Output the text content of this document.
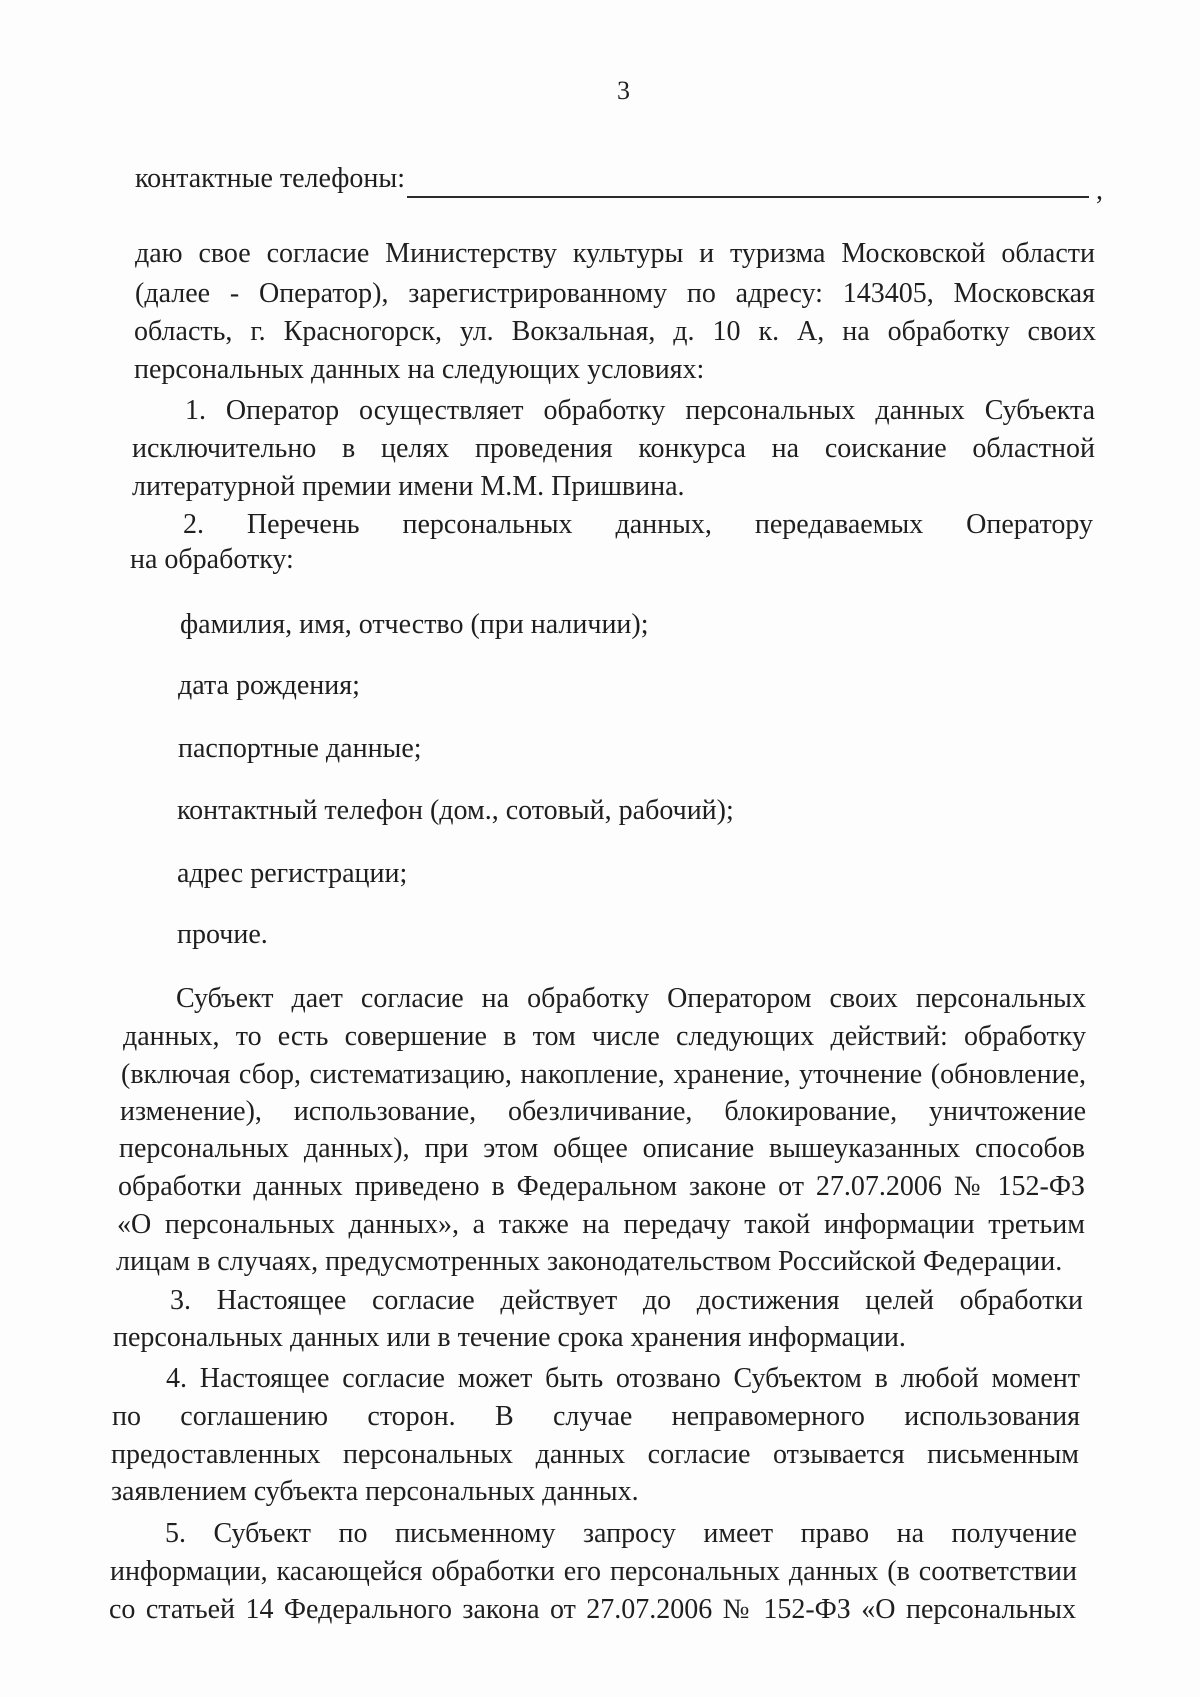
3
контактные телефоны:	,
даю свое согласие Министерству культуры и туризма Московской области
(далее - Оператор), зарегистрированному по адресу: 143405, Московская
область, г. Красногорск, ул. Вокзальная, д. 10 к. А, на обработку своих
персональных данных на следующих условиях:
1. Оператор осуществляет обработку персональных данных Субъекта
исключительно в целях проведения конкурса на соискание областной
литературной премии имени М.М. Пришвина.
2. Перечень персональных данных, передаваемых Оператору
на обработку:
фамилия, имя, отчество (при наличии);
дата рождения;
паспортные данные;
контактный телефон (дом., сотовый, рабочий);
адрес регистрации;
прочие.
Субъект дает согласие на обработку Оператором своих персональных
данных, то есть совершение в том числе следующих действий: обработку
(включая сбор, систематизацию, накопление, хранение, уточнение (обновление,
изменение), использование, обезличивание, блокирование, уничтожение
персональных данных), при этом общее описание вышеуказанных способов
обработки данных приведено в Федеральном законе от 27.07.2006 № 152-ФЗ
«О персональных данных», а также на передачу такой информации третьим
лицам в случаях, предусмотренных законодательством Российской Федерации.
3. Настоящее согласие действует до достижения целей обработки
персональных данных или в течение срока хранения информации.
4. Настоящее согласие может быть отозвано Субъектом в любой момент
по соглашению сторон. В случае неправомерного использования
предоставленных персональных данных согласие отзывается письменным
заявлением субъекта персональных данных.
5. Субъект по письменному запросу имеет право на получение
информации, касающейся обработки его персональных данных (в соответствии
со статьей 14 Федерального закона от 27.07.2006 № 152-ФЗ «О персональных
